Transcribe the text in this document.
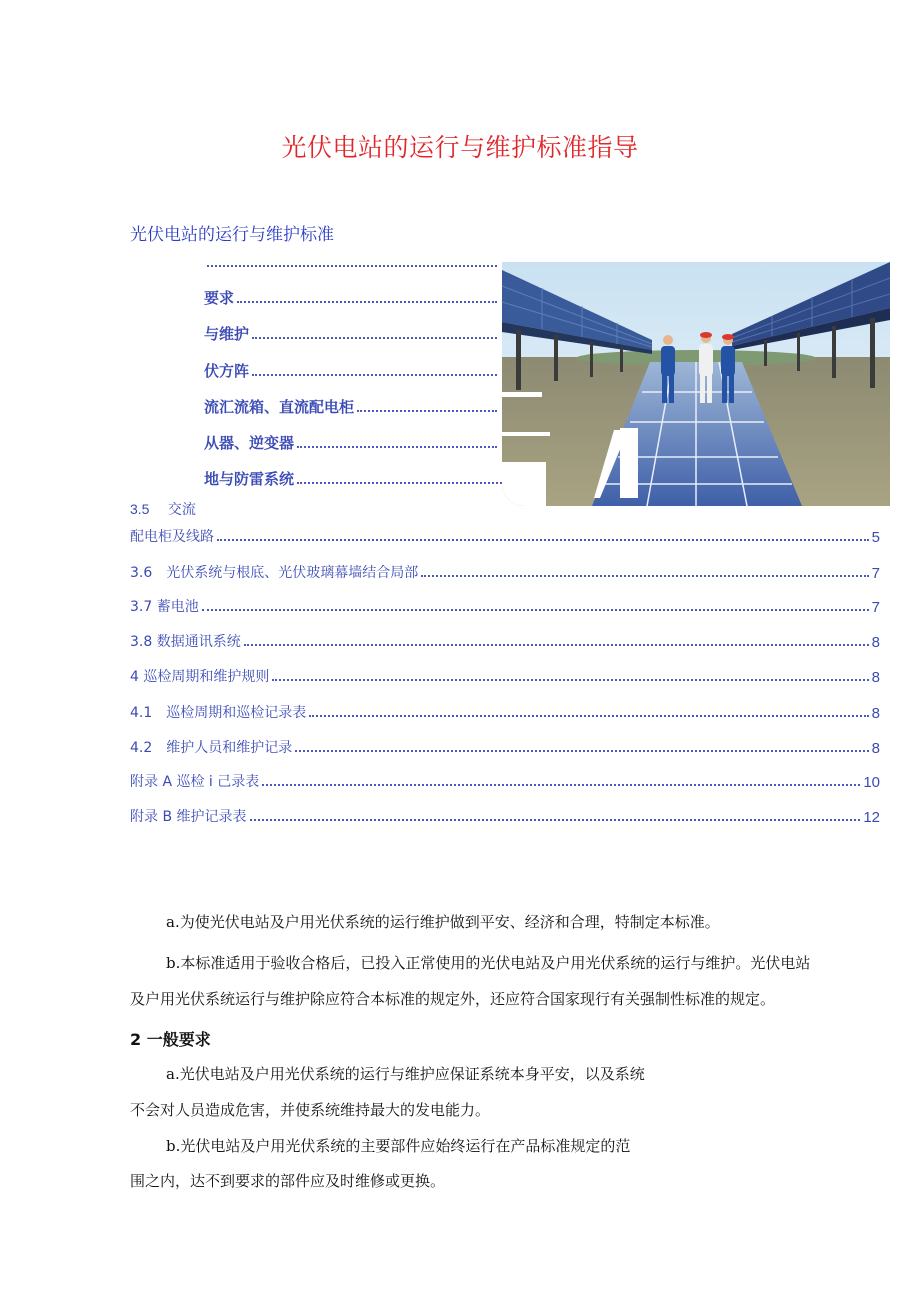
光伏电站的运行与维护标准指导
光伏电站的运行与维护标准
要求
与维护
伏方阵
流汇流箱、直流配电柜
从器、逆变器
地与防雷系统
3.5 交流
配电柜及线路	5
3.6　光伏系统与根底、光伏玻璃幕墙结合局部	7
3.7 蓄电池	7
3.8 数据通讯系统	8
4 巡检周期和维护规则	8
4.1　巡检周期和巡检记录表	8
4.2　维护人员和维护记录	8
附录 A 巡检 i 己录表	10
附录 B 维护记录表	12

a.为使光伏电站及户用光伏系统的运行维护做到平安、经济和合理，特制定本标准。

b.本标准适用于验收合格后，已投入正常使用的光伏电站及户用光伏系统的运行与维护。光伏电站

及户用光伏系统运行与维护除应符合本标准的规定外，还应符合国家现行有关强制性标准的规定。

2 一般要求

a.光伏电站及户用光伏系统的运行与维护应保证系统本身平安，以及系统

不会对人员造成危害，并使系统维持最大的发电能力。

b.光伏电站及户用光伏系统的主要部件应始终运行在产品标准规定的范

围之内，达不到要求的部件应及时维修或更换。
